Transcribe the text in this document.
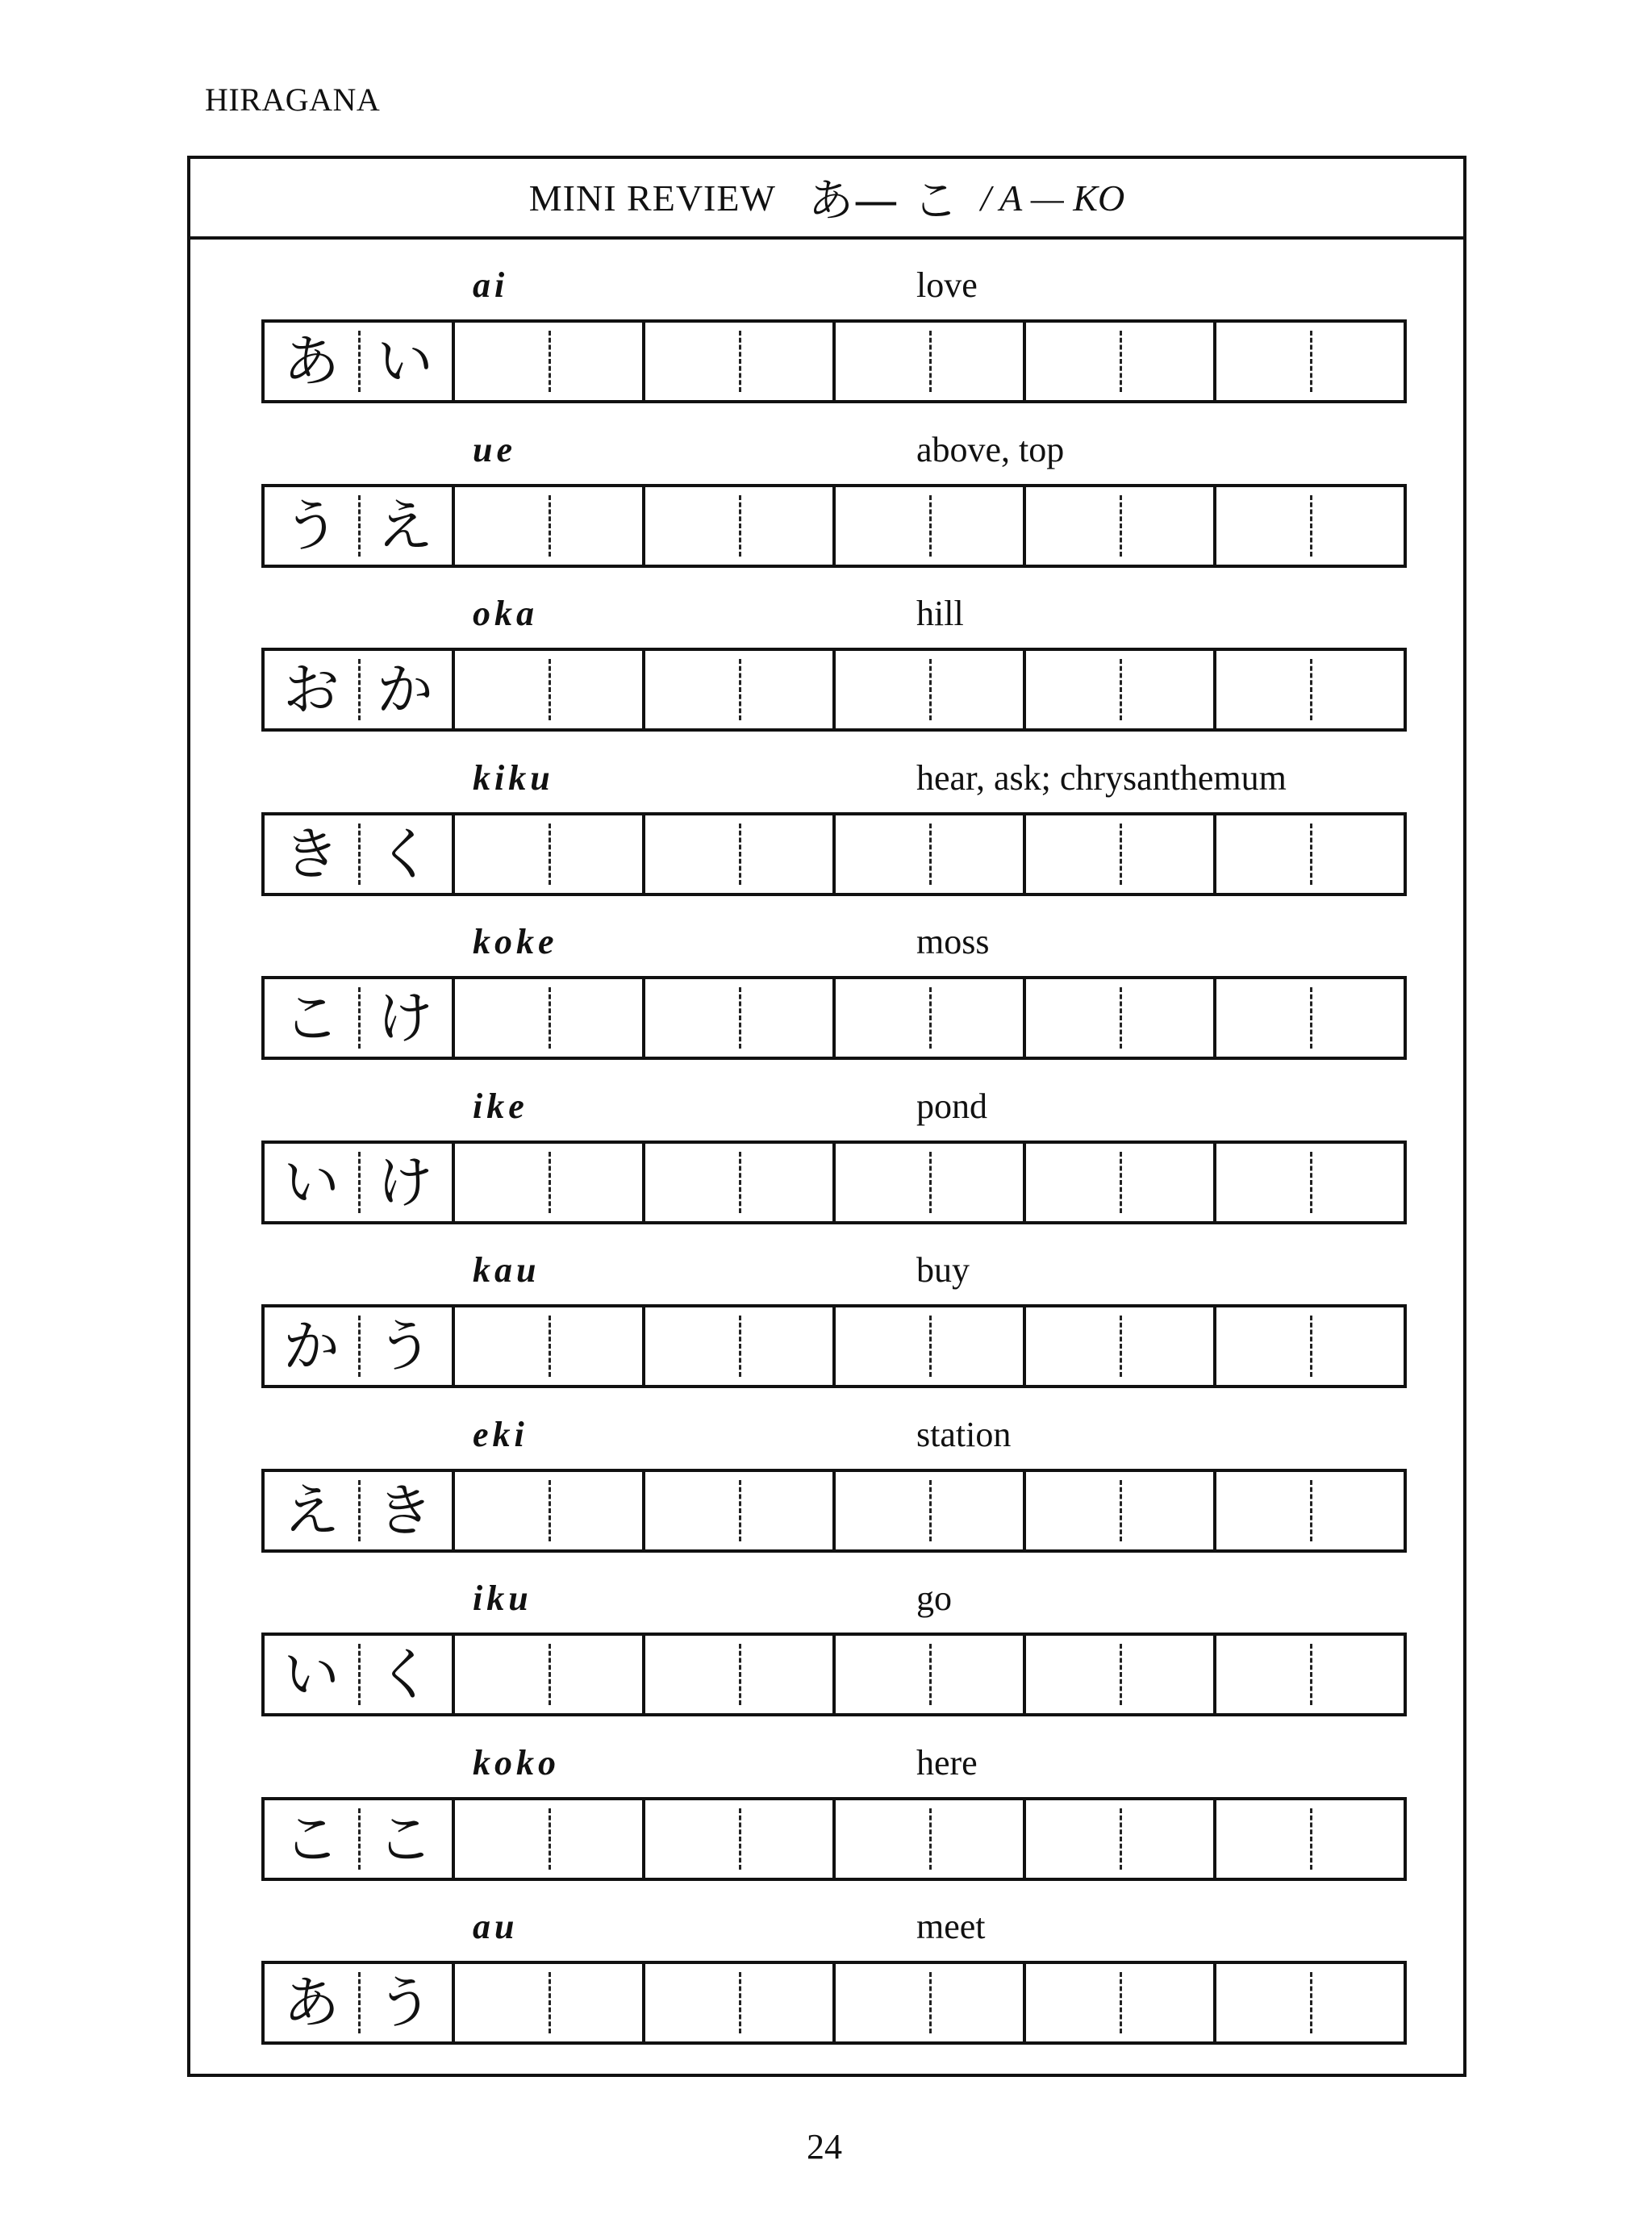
HIRAGANA
MINI REVIEW あ— こ / A — KO
ai	love
あ い
ue	above, top
う え
oka	hill
お か
kiku	hear, ask; chrysanthemum
き く
koke	moss
こ け
ike	pond
い け
kau	buy
か う
eki	station
え き
iku	go
い く
koko	here
こ こ
au	meet
あ う
24
